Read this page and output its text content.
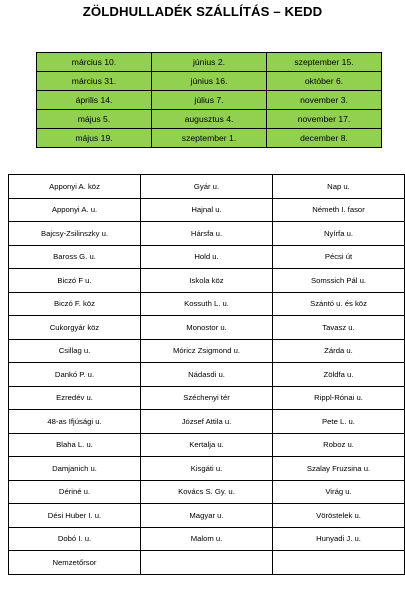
ZÖLDHULLADÉK SZÁLLÍTÁS – KEDD
március 10.	június 2.	szeptember 15.
március 31.	június 16.	október 6.
április 14.	július 7.	november 3.
május 5.	augusztus 4.	november 17.
május 19.	szeptember 1.	december 8.
Apponyi A. köz	Gyár u.	Nap u.
Apponyi A. u.	Hajnal u.	Németh I. fasor
Bajcsy-Zsilinszky u.	Hársfa u.	Nyírfa u.
Baross G. u.	Hold u.	Pécsi út
Biczó F u.	Iskola köz	Somssich Pál u.
Biczó F. köz	Kossuth L. u.	Szántó u. és köz
Cukorgyár köz	Monostor u.	Tavasz u.
Csillag u.	Móricz Zsigmond u.	Zárda u.
Dankó P. u.	Nádasdi u.	Zöldfa u.
Ezredév u.	Széchenyi tér	Rippl-Rónai u.
48-as Ifjúsági u.	József Attila u.	Pete L. u.
Blaha L. u.	Kertalja u.	Roboz u.
Damjanich u.	Kisgáti u.	Szalay Fruzsina u.
Dériné u.	Kovács S. Gy. u.	Virág u.
Dési Huber I. u.	Magyar u.	Vöröstelek u.
Dobó I. u.	Malom u.	Hunyadi J. u.
Nemzetőrsor		
